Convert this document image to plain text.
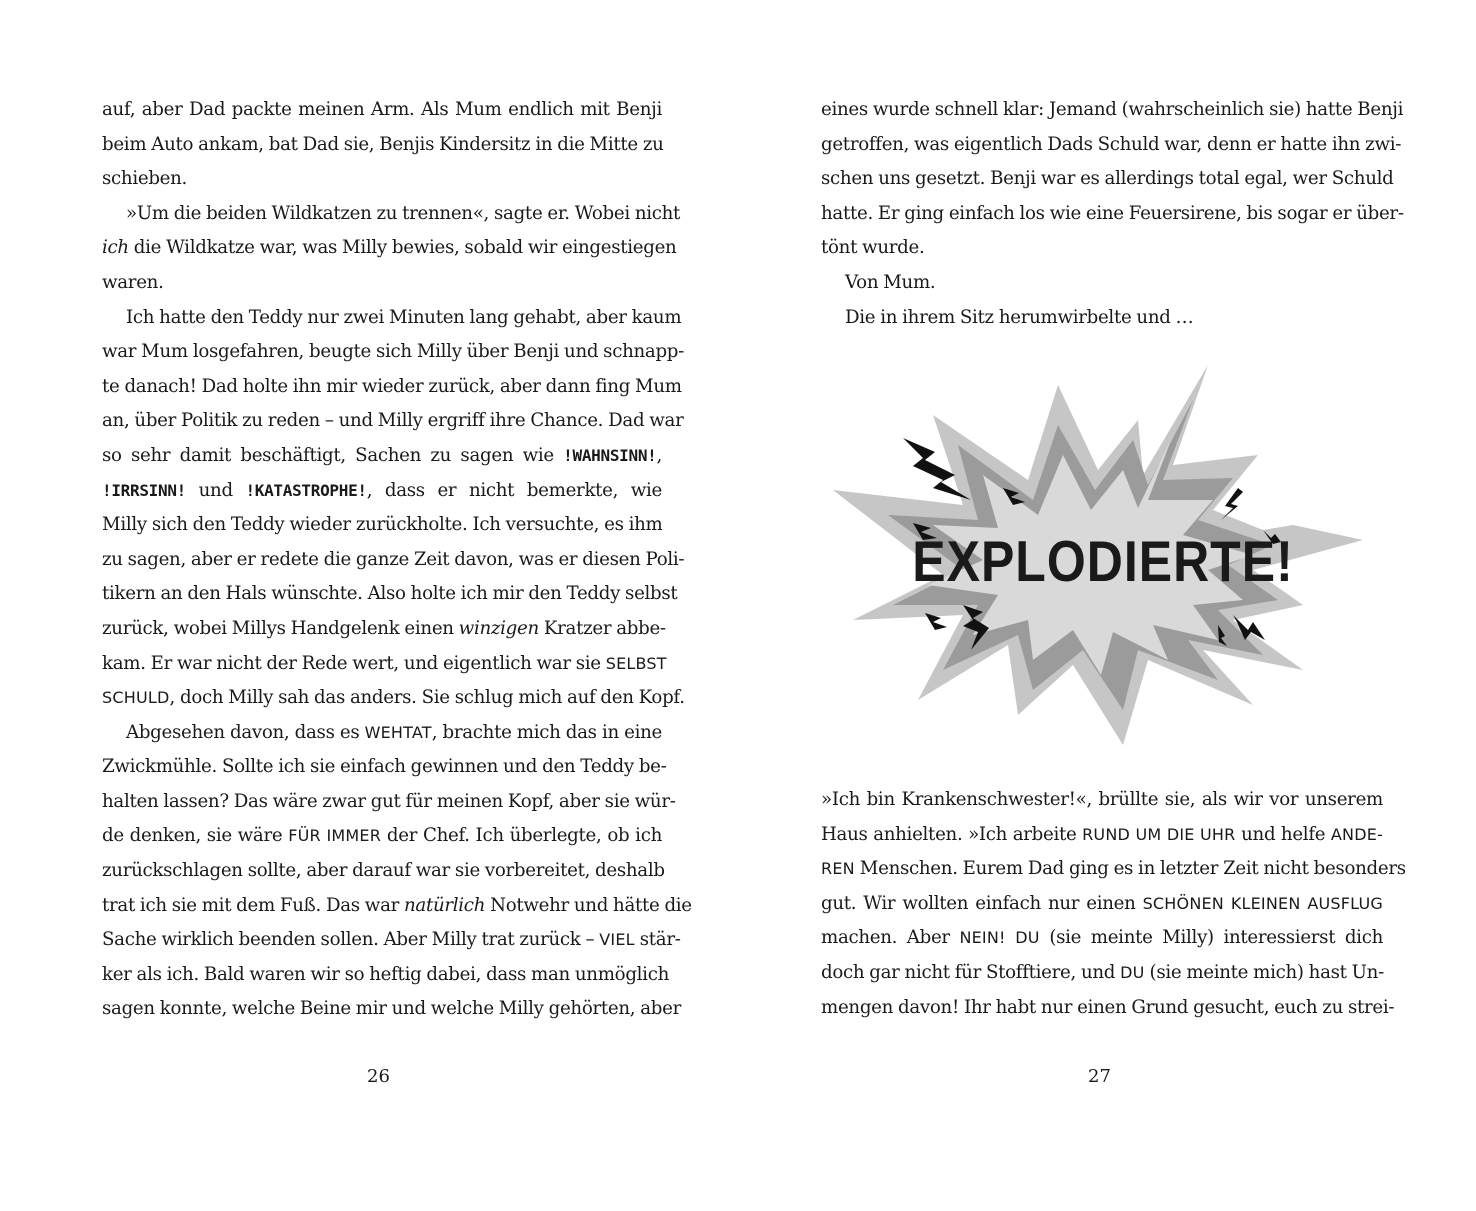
auf, aber Dad packte meinen Arm. Als Mum endlich mit Benji
beim Auto ankam, bat Dad sie, Benjis Kindersitz in die Mitte zu
schieben.
»Um die beiden Wildkatzen zu trennen«, sagte er. Wobei nicht
ich die Wildkatze war, was Milly bewies, sobald wir eingestiegen
waren.
Ich hatte den Teddy nur zwei Minuten lang gehabt, aber kaum
war Mum losgefahren, beugte sich Milly über Benji und schnapp-
te danach! Dad holte ihn mir wieder zurück, aber dann fing Mum
an, über Politik zu reden – und Milly ergriff ihre Chance. Dad war
so sehr damit beschäftigt, Sachen zu sagen wie !WAHNSINN!,
!IRRSINN! und !KATASTROPHE!, dass er nicht bemerkte, wie
Milly sich den Teddy wieder zurückholte. Ich versuchte, es ihm
zu sagen, aber er redete die ganze Zeit davon, was er diesen Poli-
tikern an den Hals wünschte. Also holte ich mir den Teddy selbst
zurück, wobei Millys Handgelenk einen winzigen Kratzer abbe-
kam. Er war nicht der Rede wert, und eigentlich war sie SELBST
SCHULD, doch Milly sah das anders. Sie schlug mich auf den Kopf.
Abgesehen davon, dass es WEHTAT, brachte mich das in eine
Zwickmühle. Sollte ich sie einfach gewinnen und den Teddy be-
halten lassen? Das wäre zwar gut für meinen Kopf, aber sie wür-
de denken, sie wäre FÜR IMMER der Chef. Ich überlegte, ob ich
zurückschlagen sollte, aber darauf war sie vorbereitet, deshalb
trat ich sie mit dem Fuß. Das war natürlich Notwehr und hätte die
Sache wirklich beenden sollen. Aber Milly trat zurück – VIEL stär-
ker als ich. Bald waren wir so heftig dabei, dass man unmöglich
sagen konnte, welche Beine mir und welche Milly gehörten, aber
26
eines wurde schnell klar: Jemand (wahrscheinlich sie) hatte Benji
getroffen, was eigentlich Dads Schuld war, denn er hatte ihn zwi-
schen uns gesetzt. Benji war es allerdings total egal, wer Schuld
hatte. Er ging einfach los wie eine Feuersirene, bis sogar er über-
tönt wurde.
Von Mum.
Die in ihrem Sitz herumwirbelte und …
EXPLODIERTE!
»Ich bin Krankenschwester!«, brüllte sie, als wir vor unserem
Haus anhielten. »Ich arbeite RUND UM DIE UHR und helfe ANDE-
REN Menschen. Eurem Dad ging es in letzter Zeit nicht besonders
gut. Wir wollten einfach nur einen SCHÖNEN KLEINEN AUSFLUG
machen. Aber NEIN! DU (sie meinte Milly) interessierst dich
doch gar nicht für Stofftiere, und DU (sie meinte mich) hast Un-
mengen davon! Ihr habt nur einen Grund gesucht, euch zu strei-
27
